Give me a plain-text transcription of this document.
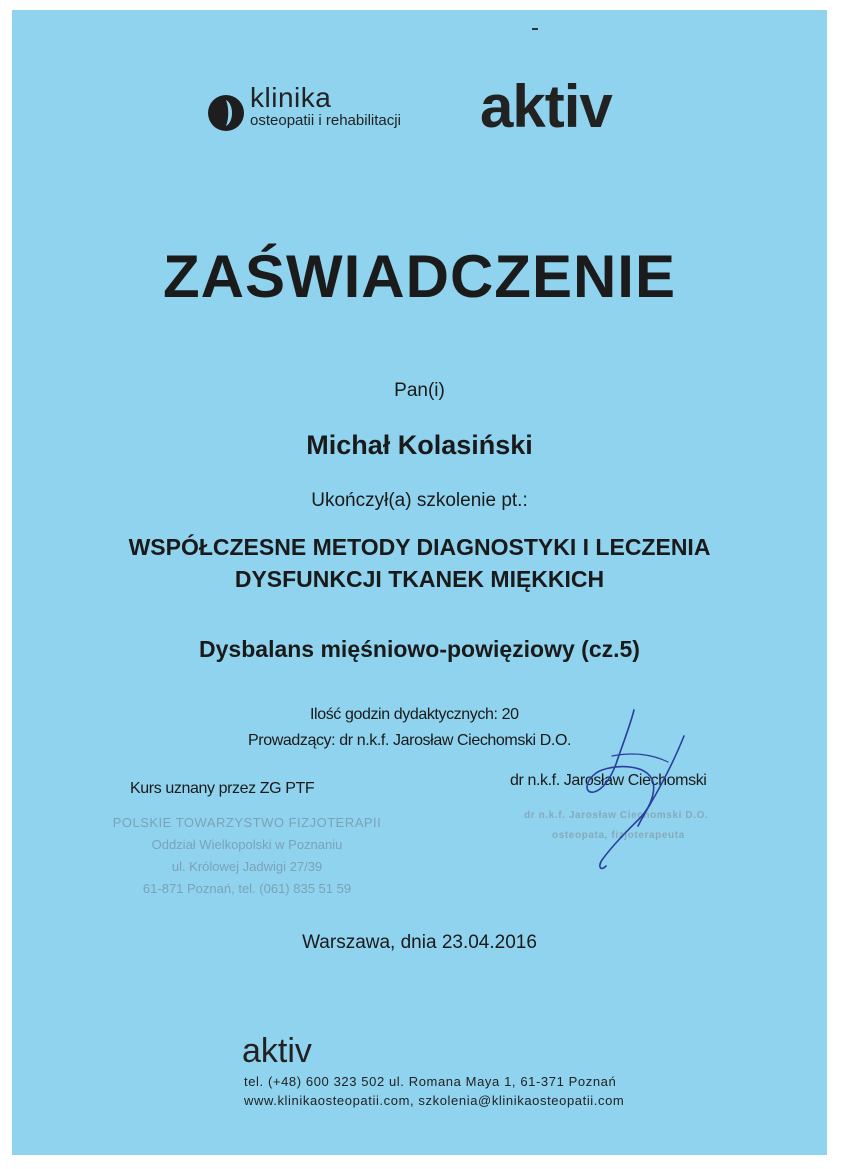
klinika
osteopatii i rehabilitacji aktiv
ZAŚWIADCZENIE
Pan(i)
Michał Kolasiński
Ukończył(a) szkolenie pt.:
WSPÓŁCZESNE METODY DIAGNOSTYKI I LECZENIA
DYSFUNKCJI TKANEK MIĘKKICH
Dysbalans mięśniowo-powięziowy (cz.5)
Ilość godzin dydaktycznych: 20
Prowadzący: dr n.k.f. Jarosław Ciechomski D.O.
Kurs uznany przez ZG PTF
POLSKIE TOWARZYSTWO FIZJOTERAPII
Oddział Wielkopolski w Poznaniu
ul. Królowej Jadwigi 27/39
61-871 Poznań, tel. (061) 835 51 59
dr n.k.f. Jarosław Ciechomski
dr n.k.f. Jarosław Ciechomski D.O.
osteopata, fizjoterapeuta
Warszawa, dnia 23.04.2016
aktiv
tel. (+48) 600 323 502 ul. Romana Maya 1, 61-371 Poznań
www.klinikaosteopatii.com, szkolenia@klinikaosteopatii.com
